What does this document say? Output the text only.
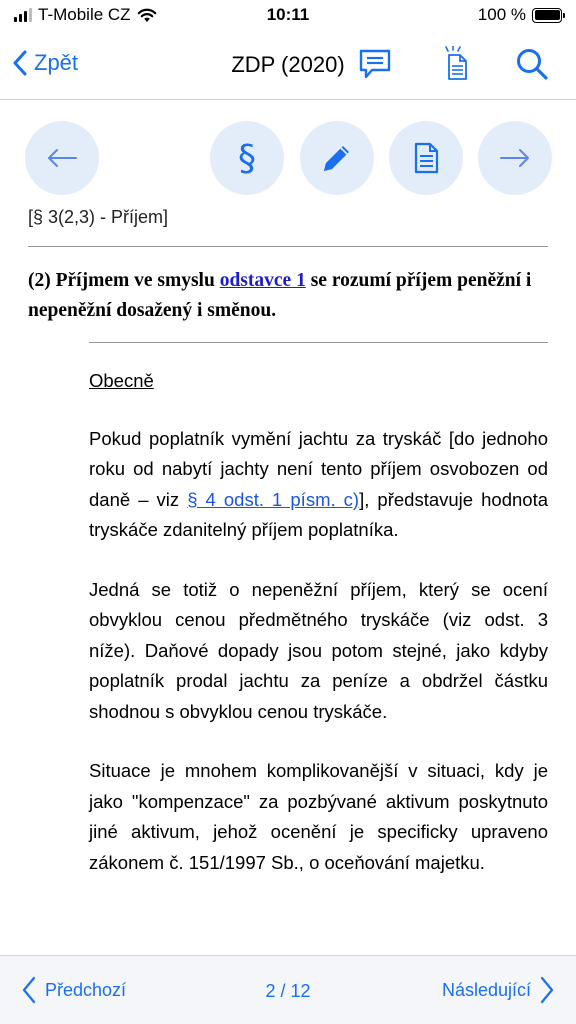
T-Mobile CZ	10:11	100 %
Zpět	ZDP (2020)
§
[§ 3(2,3) - Příjem]
(2) Příjmem ve smyslu odstavce 1 se rozumí příjem peněžní i nepeněžní dosažený i směnou.

Obecně

Pokud poplatník vymění jachtu za tryskáč [do jednoho roku od nabytí jachty není tento příjem osvobozen od daně – viz § 4 odst. 1 písm. c)], představuje hodnota tryskáče zdanitelný příjem poplatníka.

Jedná se totiž o nepeněžní příjem, který se ocení obvyklou cenou předmětného tryskáče (viz odst. 3 níže). Daňové dopady jsou potom stejné, jako kdyby poplatník prodal jachtu za peníze a obdržel částku shodnou s obvyklou cenou tryskáče.

Situace je mnohem komplikovanější v situaci, kdy je jako "kompenzace" za pozbývané aktivum poskytnuto jiné aktivum, jehož ocenění je specificky upraveno zákonem č. 151/1997 Sb., o oceňování majetku.

Předchozí	2 / 12	Následující
